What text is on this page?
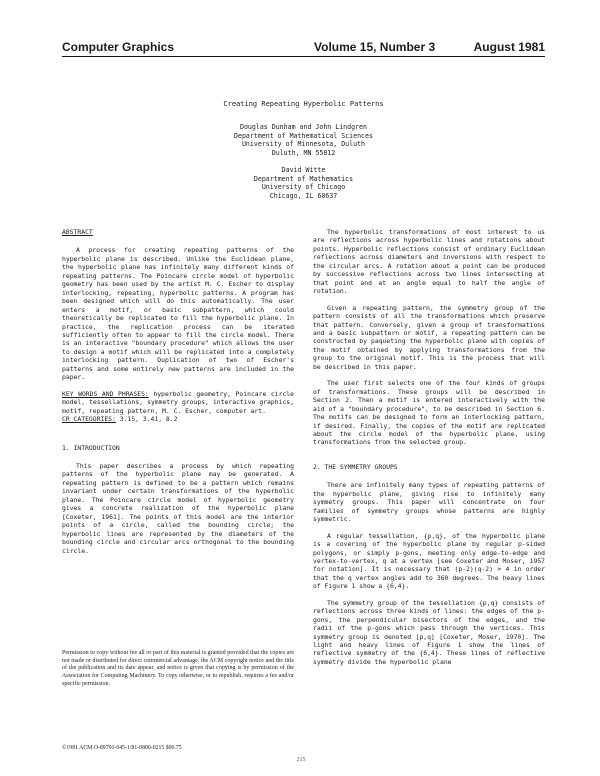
Computer Graphics	Volume 15, Number 3	August 1981
Creating Repeating Hyperbolic Patterns
Douglas Dunham and John Lindgren
Department of Mathematical Sciences
University of Minnesota, Duluth
Duluth, MN 55812
David Witte
Department of Mathematics
University of Chicago
Chicago, IL 60637
ABSTRACT

A process for creating repeating patterns of the hyperbolic plane is described. Unlike the Euclidean plane, the hyperbolic plane has infinitely many different kinds of repeating patterns. The Poincare circle model of hyperbolic geometry has been used by the artist M. C. Escher to display interlocking, repeating, hyperbolic patterns. A program has been designed which will do this automatically. The user enters a motif, or basic subpattern, which could theoretically be replicated to fill the hyperbolic plane. In practice, the replication process can be iterated sufficiently often to appear to fill the circle model. There is an interactive "boundary procedure" which allows the user to design a motif which will be replicated into a completely interlocking pattern. Duplication of two of Escher's patterns and some entirely new patterns are included in the paper.

KEY WORDS AND PHRASES: hyperbolic geometry, Poincare circle model, tessellations, symmetry groups, interactive graphics, motif, repeating pattern, M. C. Escher, computer art.
CR CATEGORIES: 3.15, 3.41, 8.2

1. INTRODUCTION

This paper describes a process by which repeating patterns of the hyperbolic plane may be generated. A repeating pattern is defined to be a pattern which remains invariant under certain transformations of the hyperbolic plane. The Poincare circle model of hyperbolic geometry gives a concrete realization of the hyperbolic plane [Coxeter, 1961]. The points of this model are the interior points of a circle, called the bounding circle; the hyperbolic lines are represented by the diameters of the bounding circle and circular arcs orthogonal to the bounding circle.

Permission to copy without fee all or part of this material is granted provided that the copies are not made or distributed for direct commercial advantage, the ACM copyright notice and the title of the publication and its date appear, and notice is given that copying is by permission of the Association for Computing Machinery. To copy otherwise, or to republish, requires a fee and/or specific permission.
©1981 ACM O-89791-045-1/81-0800-0215 $00.75

The hyperbolic transformations of most interest to us are reflections across hyperbolic lines and rotations about points. Hyperbolic reflections consist of ordinary Euclidean reflections across diameters and inversions with respect to the circular arcs. A rotation about a point can be produced by successive reflections across two lines intersecting at that point and at an angle equal to half the angle of rotation.

Given a repeating pattern, the symmetry group of the pattern consists of all the transformations which preserve that pattern. Conversely, given a group of transformations and a basic subpattern or motif, a repeating pattern can be constructed by paqueting the hyperbolic plane with copies of the motif obtained by applying transformations from the group to the original motif. This is the process that will be described in this paper.

The user first selects one of the four kinds of groups of transformations. These groups will be described in Section 2. Then a motif is entered interactively with the aid of a "boundary procedure", to be described in Section 6. The motifs can be designed to form an interlocking pattern, if desired. Finally, the copies of the motif are replicated about the circle model of the hyperbolic plane, using transformations from the selected group.

2. THE SYMMETRY GROUPS

There are infinitely many types of repeating patterns of the hyperbolic plane, giving rise to infinitely many symmetry groups. This paper will concentrate on four families of symmetry groups whose patterns are highly symmetric.

A regular tessellation, {p,q}, of the hyperbolic plane is a covering of the hyperbolic plane by regular p-sided polygons, or simply p-gons, meeting only edge-to-edge and vertex-to-vertex, q at a vertex [see Coxeter and Moser, 1957 for notation]. It is necessary that (p-2)(q-2) > 4 in order that the q vertex angles add to 360 degrees. The heavy lines of Figure 1 show a {6,4}.

The symmetry group of the tessellation {p,q} consists of reflections across three kinds of lines: the edges of the p-gons, the perpendicular bisectors of the edges, and the radii of the p-gons which pass through the vertices. This symmetry group is denoted [p,q] [Coxeter, Moser, 1970]. The light and heavy lines of Figure 1 show the lines of reflective symmetry of the {6,4}. These lines of reflective symmetry divide the hyperbolic plane

215
